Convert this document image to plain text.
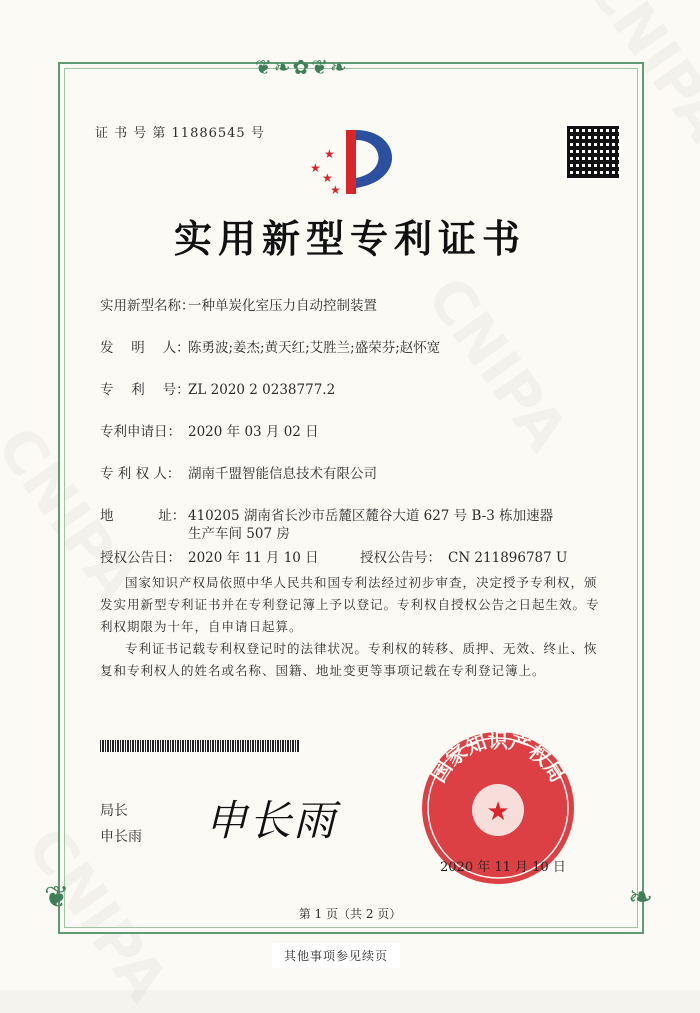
❦❧✿❦❧
❦	❧
证 书 号 第 11886545 号
★
★
★
★
实用新型专利证书
实用新型名称：一种单炭化室压力自动控制装置
发　 明　 人：陈勇波;姜杰;黄天红;艾胜兰;盛荣芬;赵怀宽
专　 利　 号：ZL 2020 2 0238777.2
专利申请日： 2020 年 03 月 02 日
专 利 权 人： 湖南千盟智能信息技术有限公司
地　　　 址： 410205 湖南省长沙市岳麓区麓谷大道 627 号 B-3 栋加速器
生产车间 507 房
授权公告日： 2020 年 11 月 10 日	授权公告号： CN 211896787 U
国家知识产权局依照中华人民共和国专利法经过初步审查，决定授予专利权，颁发实用新型专利证书并在专利登记簿上予以登记。专利权自授权公告之日起生效。专利权期限为十年，自申请日起算。
专利证书记载专利权登记时的法律状况。专利权的转移、质押、无效、终止、恢复和专利权人的姓名或名称、国籍、地址变更等事项记载在专利登记簿上。
局长
申长雨 申长雨	★
国家知识产权局
2020 年 11 月 10 日
第 1 页（共 2 页）
其他事项参见续页
